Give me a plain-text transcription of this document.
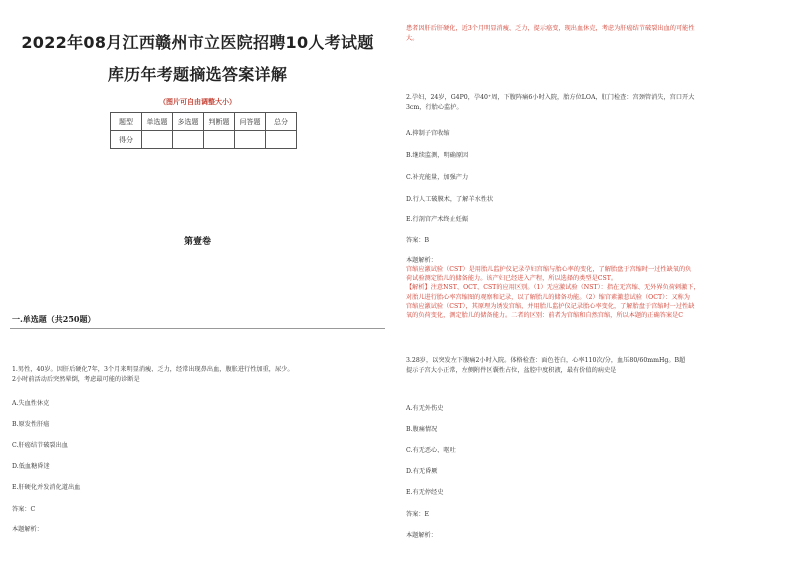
2022年08月江西赣州市立医院招聘10人考试题
库历年考题摘选答案详解
（图片可自由调整大小）
题型	单选题	多选题	判断题	问答题	总分
得分					
第壹卷
一.单选题（共250题）
1.男性，40岁。因肝后硬化7年，3个月来明显消瘦、乏力，经常出现鼻出血，腹胀进行性加重，尿少。
2小时前活动后突然晕倒，考虑最可能的诊断是
A.失血性休克
B.原发性肝癌
C.肝癌结节破裂出血
D.低血糖昏迷
E.肝硬化并发消化道出血
答案：C
本题解析：
患者因肝后肝硬化，近3个月明显消瘦、乏力，提示癌变，现出血休克，考虑为肝癌结节破裂出血的可能性
大。
2.孕妇，24岁，G4P0，孕40⁺周，下腹阵痛6小时入院，胎方位LOA，肛门检查：宫颈管消失，宫口开大
3cm，行胎心监护。
A.抑制子宫收缩
B.继续监测，明确原因
C.补充能量，加强产力
D.行人工破膜术，了解羊水性状
E.行剖宫产术终止妊娠
答案：B
本题解析：
宫缩应激试验（CST）是用胎儿监护仪记录孕妇宫缩与胎心率的变化，了解胎盘于宫缩时一过性缺氧的负
荷试验测定胎儿的储备能力。该产妇已经进入产程，所以选择的类型是CST。
【解析】注意NST、OCT、CST的应用区别。（1）无应激试验（NST）：指在无宫缩、无外界负荷刺激下，
对胎儿进行胎心率宫缩图的观察和记录，以了解胎儿的储备功能。（2）缩宫素激惹试验（OCT）：又称为
宫缩应激试验（CST），其原理为诱发宫缩，并用胎儿监护仪记录胎心率变化，了解胎盘于宫缩时一过性缺
氧的负荷变化，测定胎儿的储备能力。二者的区别：前者为宫缩和自然宫缩，所以本题的正确答案是C
3.28岁，以突发左下腹痛2小时入院。体格检查：面色苍白，心率110次/分，血压80/60mmHg。B超
提示子宫大小正常，左侧附件区囊性占位，盆腔中度积液，最有价值的病史是
A.有无外伤史
B.腹痛情况
C.有无恶心、呕吐
D.有无昏厥
E.有无停经史
答案：E
本题解析：
